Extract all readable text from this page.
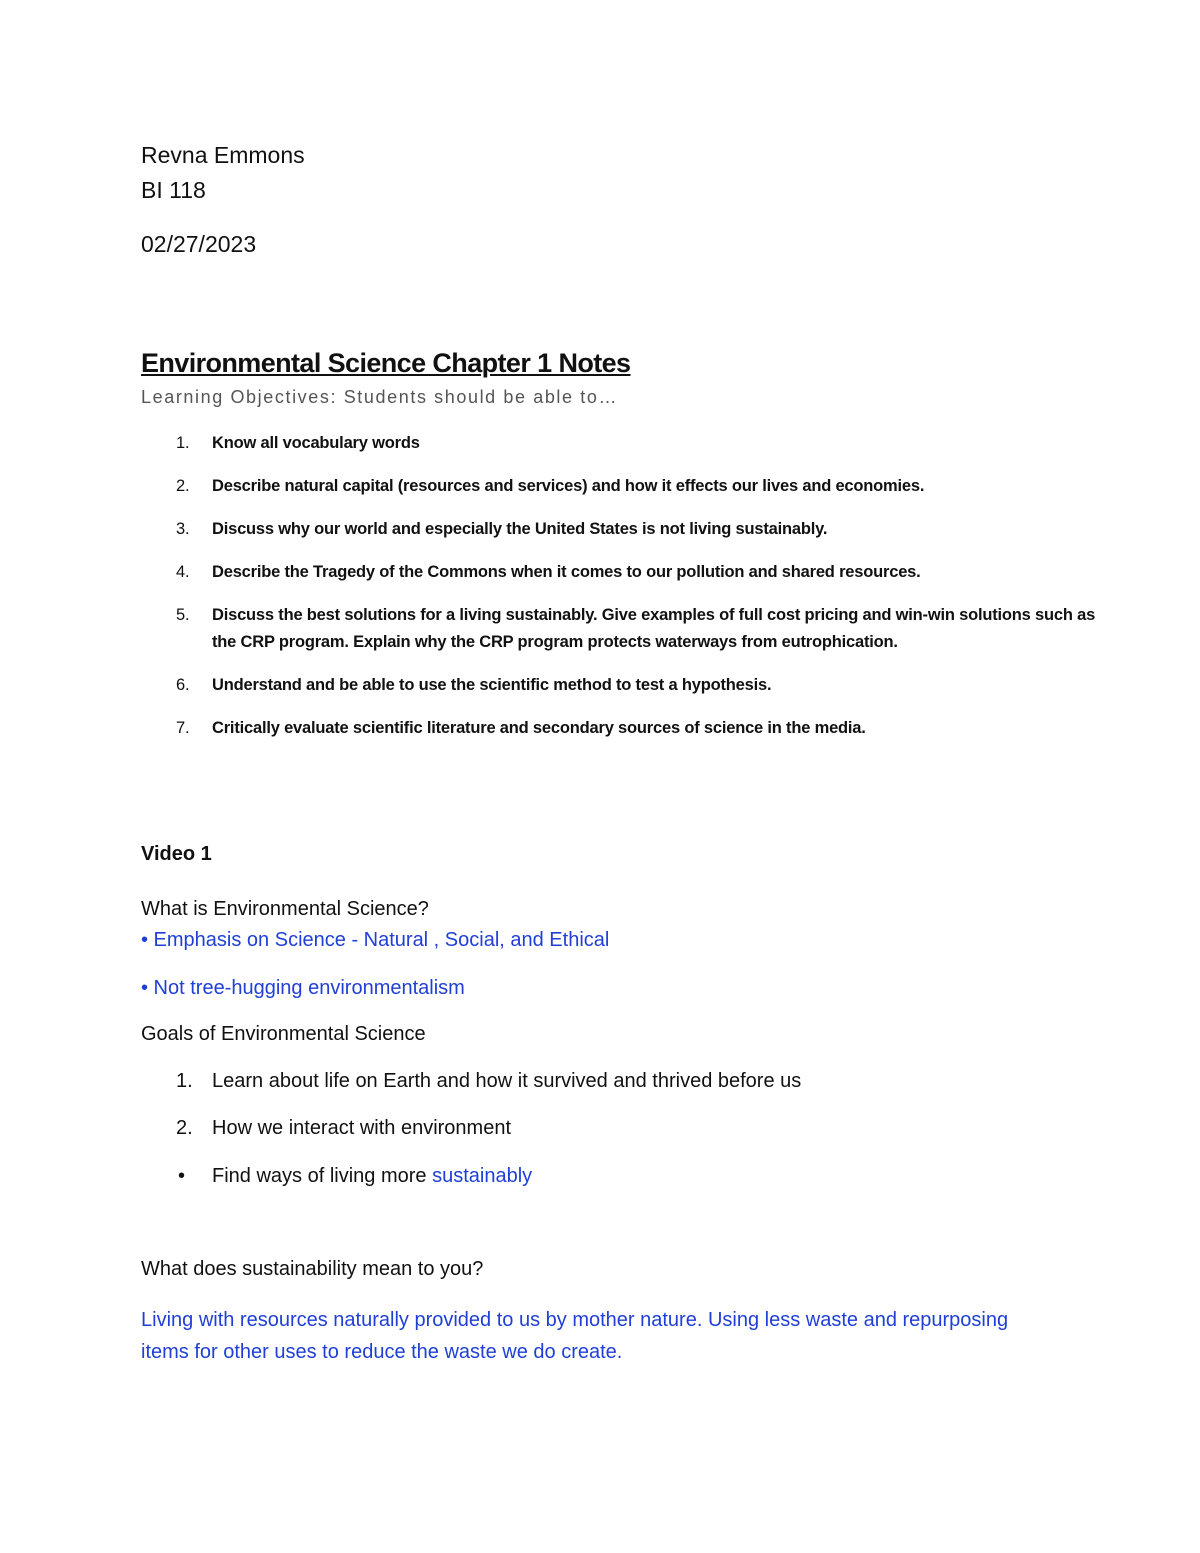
Revna Emmons
BI 118
02/27/2023
Environmental Science Chapter 1 Notes
Learning Objectives: Students should be able to…
1.	Know all vocabulary words
2.	Describe natural capital (resources and services) and how it effects our lives and economies.
3.	Discuss why our world and especially the United States is not living sustainably.
4.	Describe the Tragedy of the Commons when it comes to our pollution and shared resources.
5.	Discuss the best solutions for a living sustainably. Give examples of full cost pricing and win-win solutions such as the CRP program. Explain why the CRP program protects waterways from eutrophication.
6.	Understand and be able to use the scientific method to test a hypothesis.
7.	Critically evaluate scientific literature and secondary sources of science in the media.
Video 1
What is Environmental Science?
• Emphasis on Science - Natural , Social, and Ethical
• Not tree-hugging environmentalism
Goals of Environmental Science
1. Learn about life on Earth and how it survived and thrived before us
2. How we interact with environment
• Find ways of living more sustainably
What does sustainability mean to you?
Living with resources naturally provided to us by mother nature. Using less waste and repurposing items for other uses to reduce the waste we do create.
